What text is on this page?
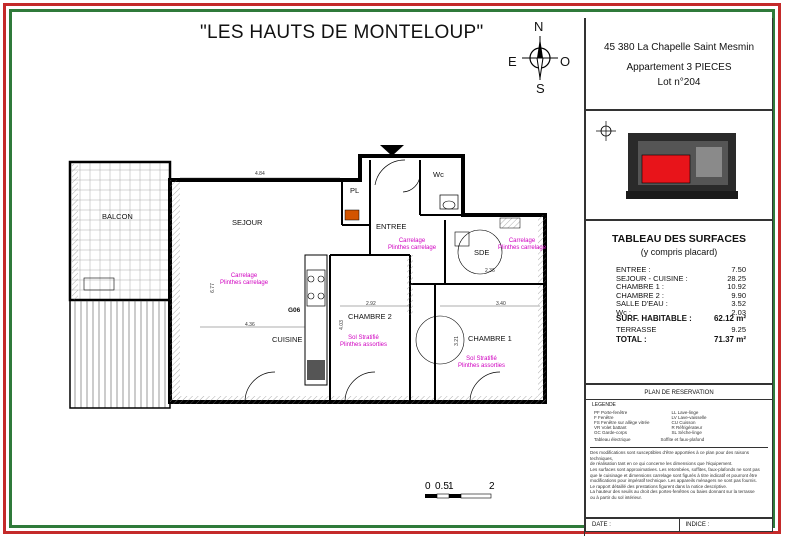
"LES HAUTS DE MONTELOUP"	N
O
E
S
45 380 La Chapelle Saint Mesmin
Appartement 3 PIECES
Lot n°204
TABLEAU DES SURFACES
(y compris placard)
ENTREE :	7.50
SEJOUR - CUISINE :	28.25
CHAMBRE 1 :	10.92
CHAMBRE 2 :	9.90
SALLE D'EAU :	3.52
Wc :	2.03
SURF. HABITABLE :	62.12 m²
TERRASSE	9.25
TOTAL :	71.37 m²
PLAN DE RESERVATION
LEGENDE
PF Porte-fenêtre
F Fenêtre
FS Fenêtre sur allège vitrée
VR Volet battant
GC Garde-corps
LL Lave-linge
LV Lave-vaisselle
CU Cuisson
R Réfrigérateur
SL Sèche-linge
Tableau électrique	Soffite et faux-plafond
Des modifications sont susceptibles d'être apportées à ce plan pour des raisons techniques,
de réalisation tant en ce qui concerne les dimensions que l'équipement.
Les surfaces sont approximatives. Les retombées, soffites, faux-plafonds ne sont pas
que le cuisinage et dimensions carrelage sont figurés à titre indicatif et pourront être
modifications pour impératif technique. Les appareils ménagers ne sont pas fournis.
Le rapport détaillé des prestations figurent dans la notice descriptive.
La hauteur des seuils au droit des portes-fenêtres ou baies donnant sur la terrasse
ou à partir du sol intérieur.
DATE :	INDICE :
BALCON
SEJOUR
CUISINE
ENTREE
PL
Wc
SDE
CHAMBRE 2
CHAMBRE 1
G06
Carrelage
Plinthes carrelage
Carrelage
Plinthes carrelage
Carrelage
Plinthes carrelage
Sol Stratifié
Plinthes assorties
Sol Stratifié
Plinthes assorties
4.84
4.36
2.92	3.40
2.36
6.77
4.03
3.21
0 0.5 1	2
